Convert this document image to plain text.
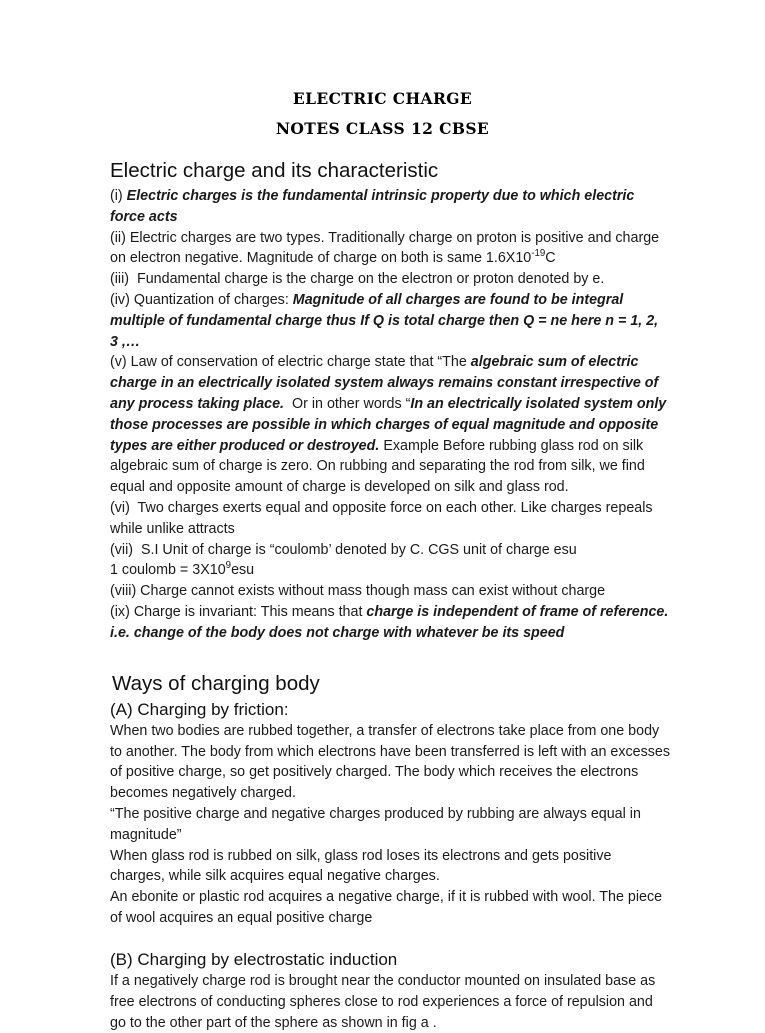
ELECTRIC CHARGE
NOTES CLASS 12 CBSE
Electric charge and its characteristic

(i) Electric charges is the fundamental intrinsic property due to which electric force acts

(ii) Electric charges are two types. Traditionally charge on proton is positive and charge on electron negative. Magnitude of charge on both is same $1.6X10^{-19}C$

(iii)  Fundamental charge is the charge on the electron or proton denoted by e.

(iv) Quantization of charges: Magnitude of all charges are found to be integral multiple of fundamental charge thus If Q is total charge then Q = ne here n = 1, 2, 3 ,…

(v) Law of conservation of electric charge state that “The algebraic sum of electric charge in an electrically isolated system always remains constant irrespective of any process taking place. Or in other words “In an electrically isolated system only those processes are possible in which charges of equal magnitude and opposite types are either produced or destroyed. Example Before rubbing glass rod on silk algebraic sum of charge is zero. On rubbing and separating the rod from silk, we find equal and opposite amount of charge is developed on silk and glass rod.

(vi)  Two charges exerts equal and opposite force on each other. Like charges repeals while unlike attracts

(vii)  S.I Unit of charge is “coulomb’ denoted by C. CGS unit of charge esu

1 coulomb = $3X10^9esu$

(viii) Charge cannot exists without mass though mass can exist without charge

(ix) Charge is invariant: This means that charge is independent of frame of reference. i.e. change of the body does not charge with whatever be its speed

Ways of charging body
(A) Charging by friction:

When two bodies are rubbed together, a transfer of electrons take place from one body to another. The body from which electrons have been transferred is left with an excesses of positive charge, so get positively charged. The body which receives the electrons becomes negatively charged.

“The positive charge and negative charges produced by rubbing are always equal in magnitude”

When glass rod is rubbed on silk, glass rod loses its electrons and gets positive charges, while silk acquires equal negative charges.

An ebonite or plastic rod acquires a negative charge, if it is rubbed with wool. The piece of wool acquires an equal positive charge

(B) Charging by electrostatic induction

If a negatively charge rod is brought near the conductor mounted on insulated base as free electrons of conducting spheres close to rod experiences a force of repulsion and go to the other part of the sphere as shown in fig a .
